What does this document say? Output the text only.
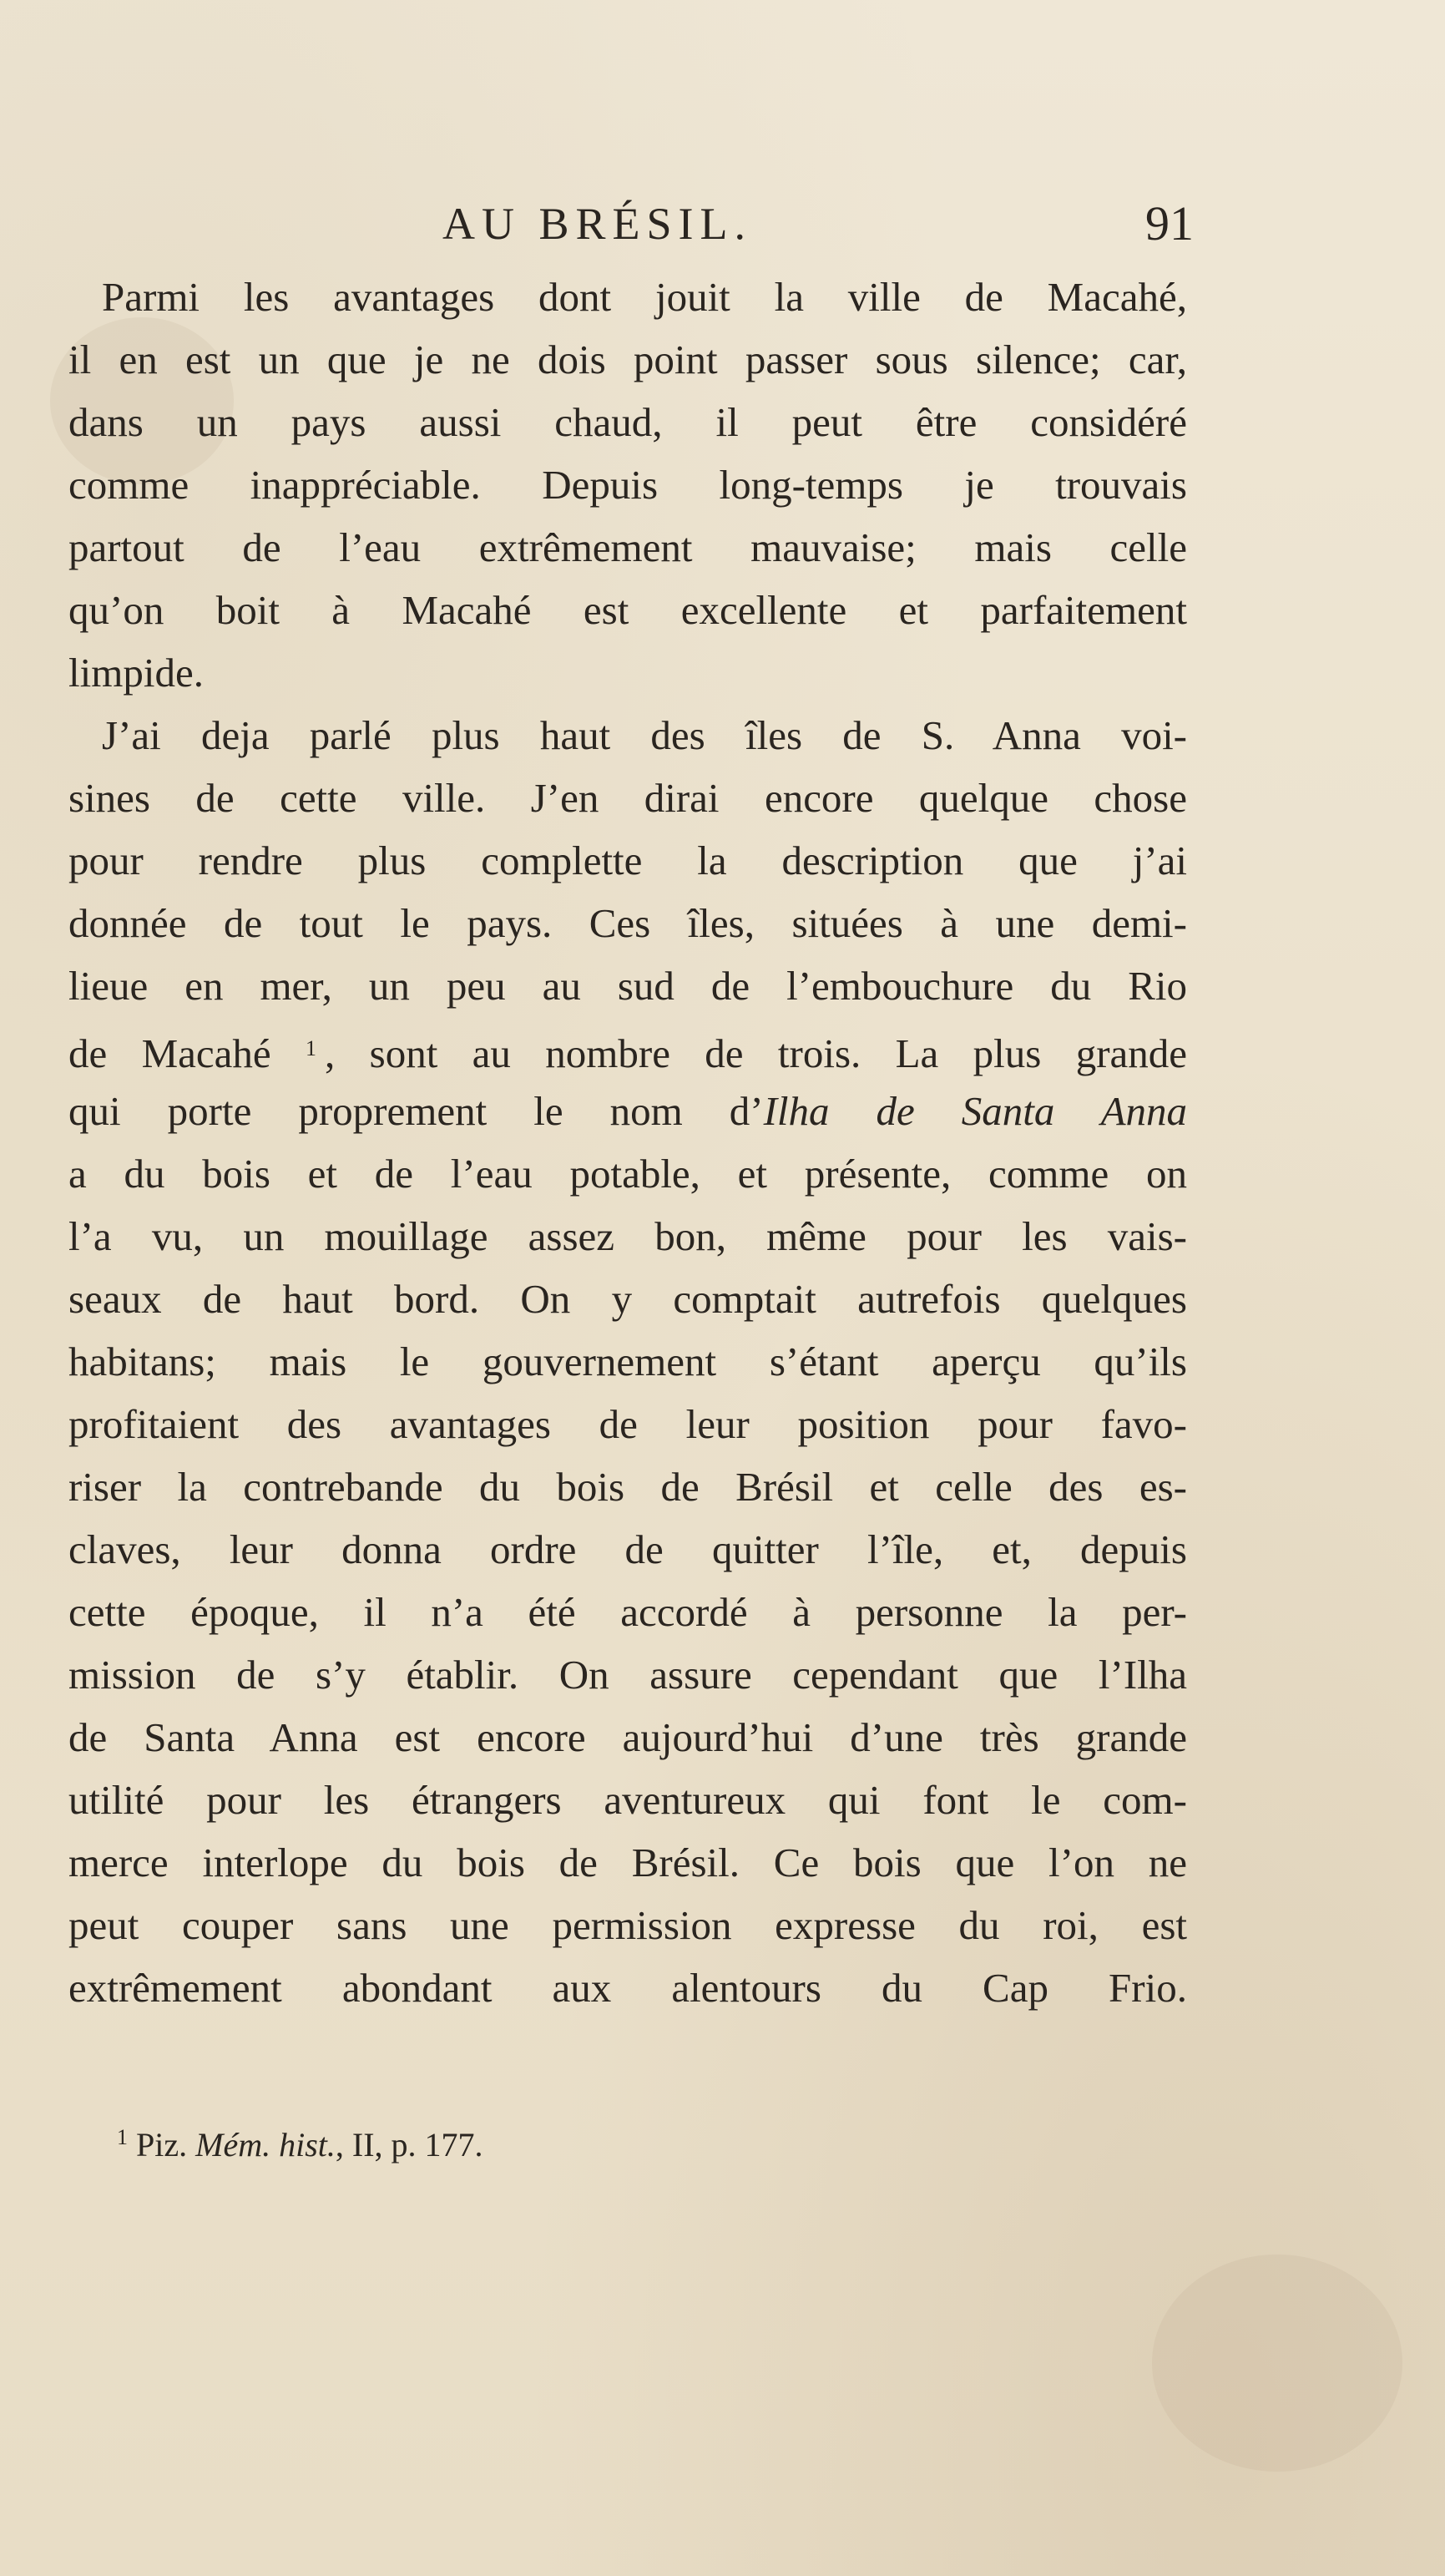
AU BRÉSIL.	91
Parmi les avantages dont jouit la ville de Macahé,
il en est un que je ne dois point passer sous silence; car,
dans un pays aussi chaud, il peut être considéré
comme inappréciable. Depuis long-temps je trouvais
partout de l’eau extrêmement mauvaise; mais celle
qu’on boit à Macahé est excellente et parfaitement
limpide.
J’ai deja parlé plus haut des îles de S. Anna voi-
sines de cette ville. J’en dirai encore quelque chose
pour rendre plus complette la description que j’ai
donnée de tout le pays. Ces îles, situées à une demi-
lieue en mer, un peu au sud de l’embouchure du Rio
de Macahé $^1$ , sont au nombre de trois. La plus grande
qui porte proprement le nom d’Ilha de Santa Anna
a du bois et de l’eau potable, et présente, comme on
l’a vu, un mouillage assez bon, même pour les vais-
seaux de haut bord. On y comptait autrefois quelques
habitans; mais le gouvernement s’étant aperçu qu’ils
profitaient des avantages de leur position pour favo-
riser la contrebande du bois de Brésil et celle des es-
claves, leur donna ordre de quitter l’île, et, depuis
cette époque, il n’a été accordé à personne la per-
mission de s’y établir. On assure cependant que l’Ilha
de Santa Anna est encore aujourd’hui d’une très grande
utilité pour les étrangers aventureux qui font le com-
merce interlope du bois de Brésil. Ce bois que l’on ne
peut couper sans une permission expresse du roi, est
extrêmement abondant aux alentours du Cap Frio.
$^1$ Piz. Mém. hist., II, p. 177.
